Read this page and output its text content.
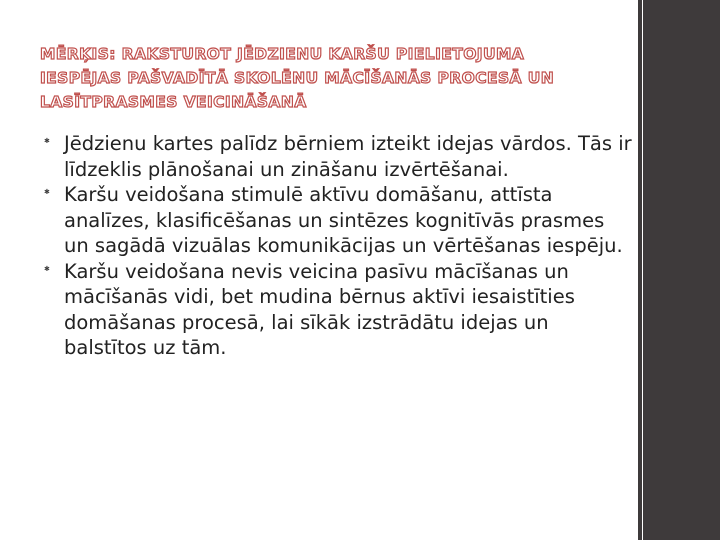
MĒRĶIS: RAKSTUROT JĒDZIENU KARŠU PIELIETOJUMA IESPĒJAS PAŠVADĪTĀ SKOLĒNU MĀCĪŠANĀS PROCESĀ UN LASĪTPRASMES VEICINĀŠANĀ
✱ Jēdzienu kartes palīdz bērniem izteikt idejas vārdos. Tās ir līdzeklis plānošanai un zināšanu izvērtēšanai.
✱ Karšu veidošana stimulē aktīvu domāšanu, attīsta analīzes, klasificēšanas un sintēzes kognitīvās prasmes un sagādā vizuālas komunikācijas un vērtēšanas iespēju.
✱ Karšu veidošana nevis veicina pasīvu mācīšanas un mācīšanās vidi, bet mudina bērnus aktīvi iesaistīties domāšanas procesā, lai sīkāk izstrādātu idejas un balstītos uz tām.
